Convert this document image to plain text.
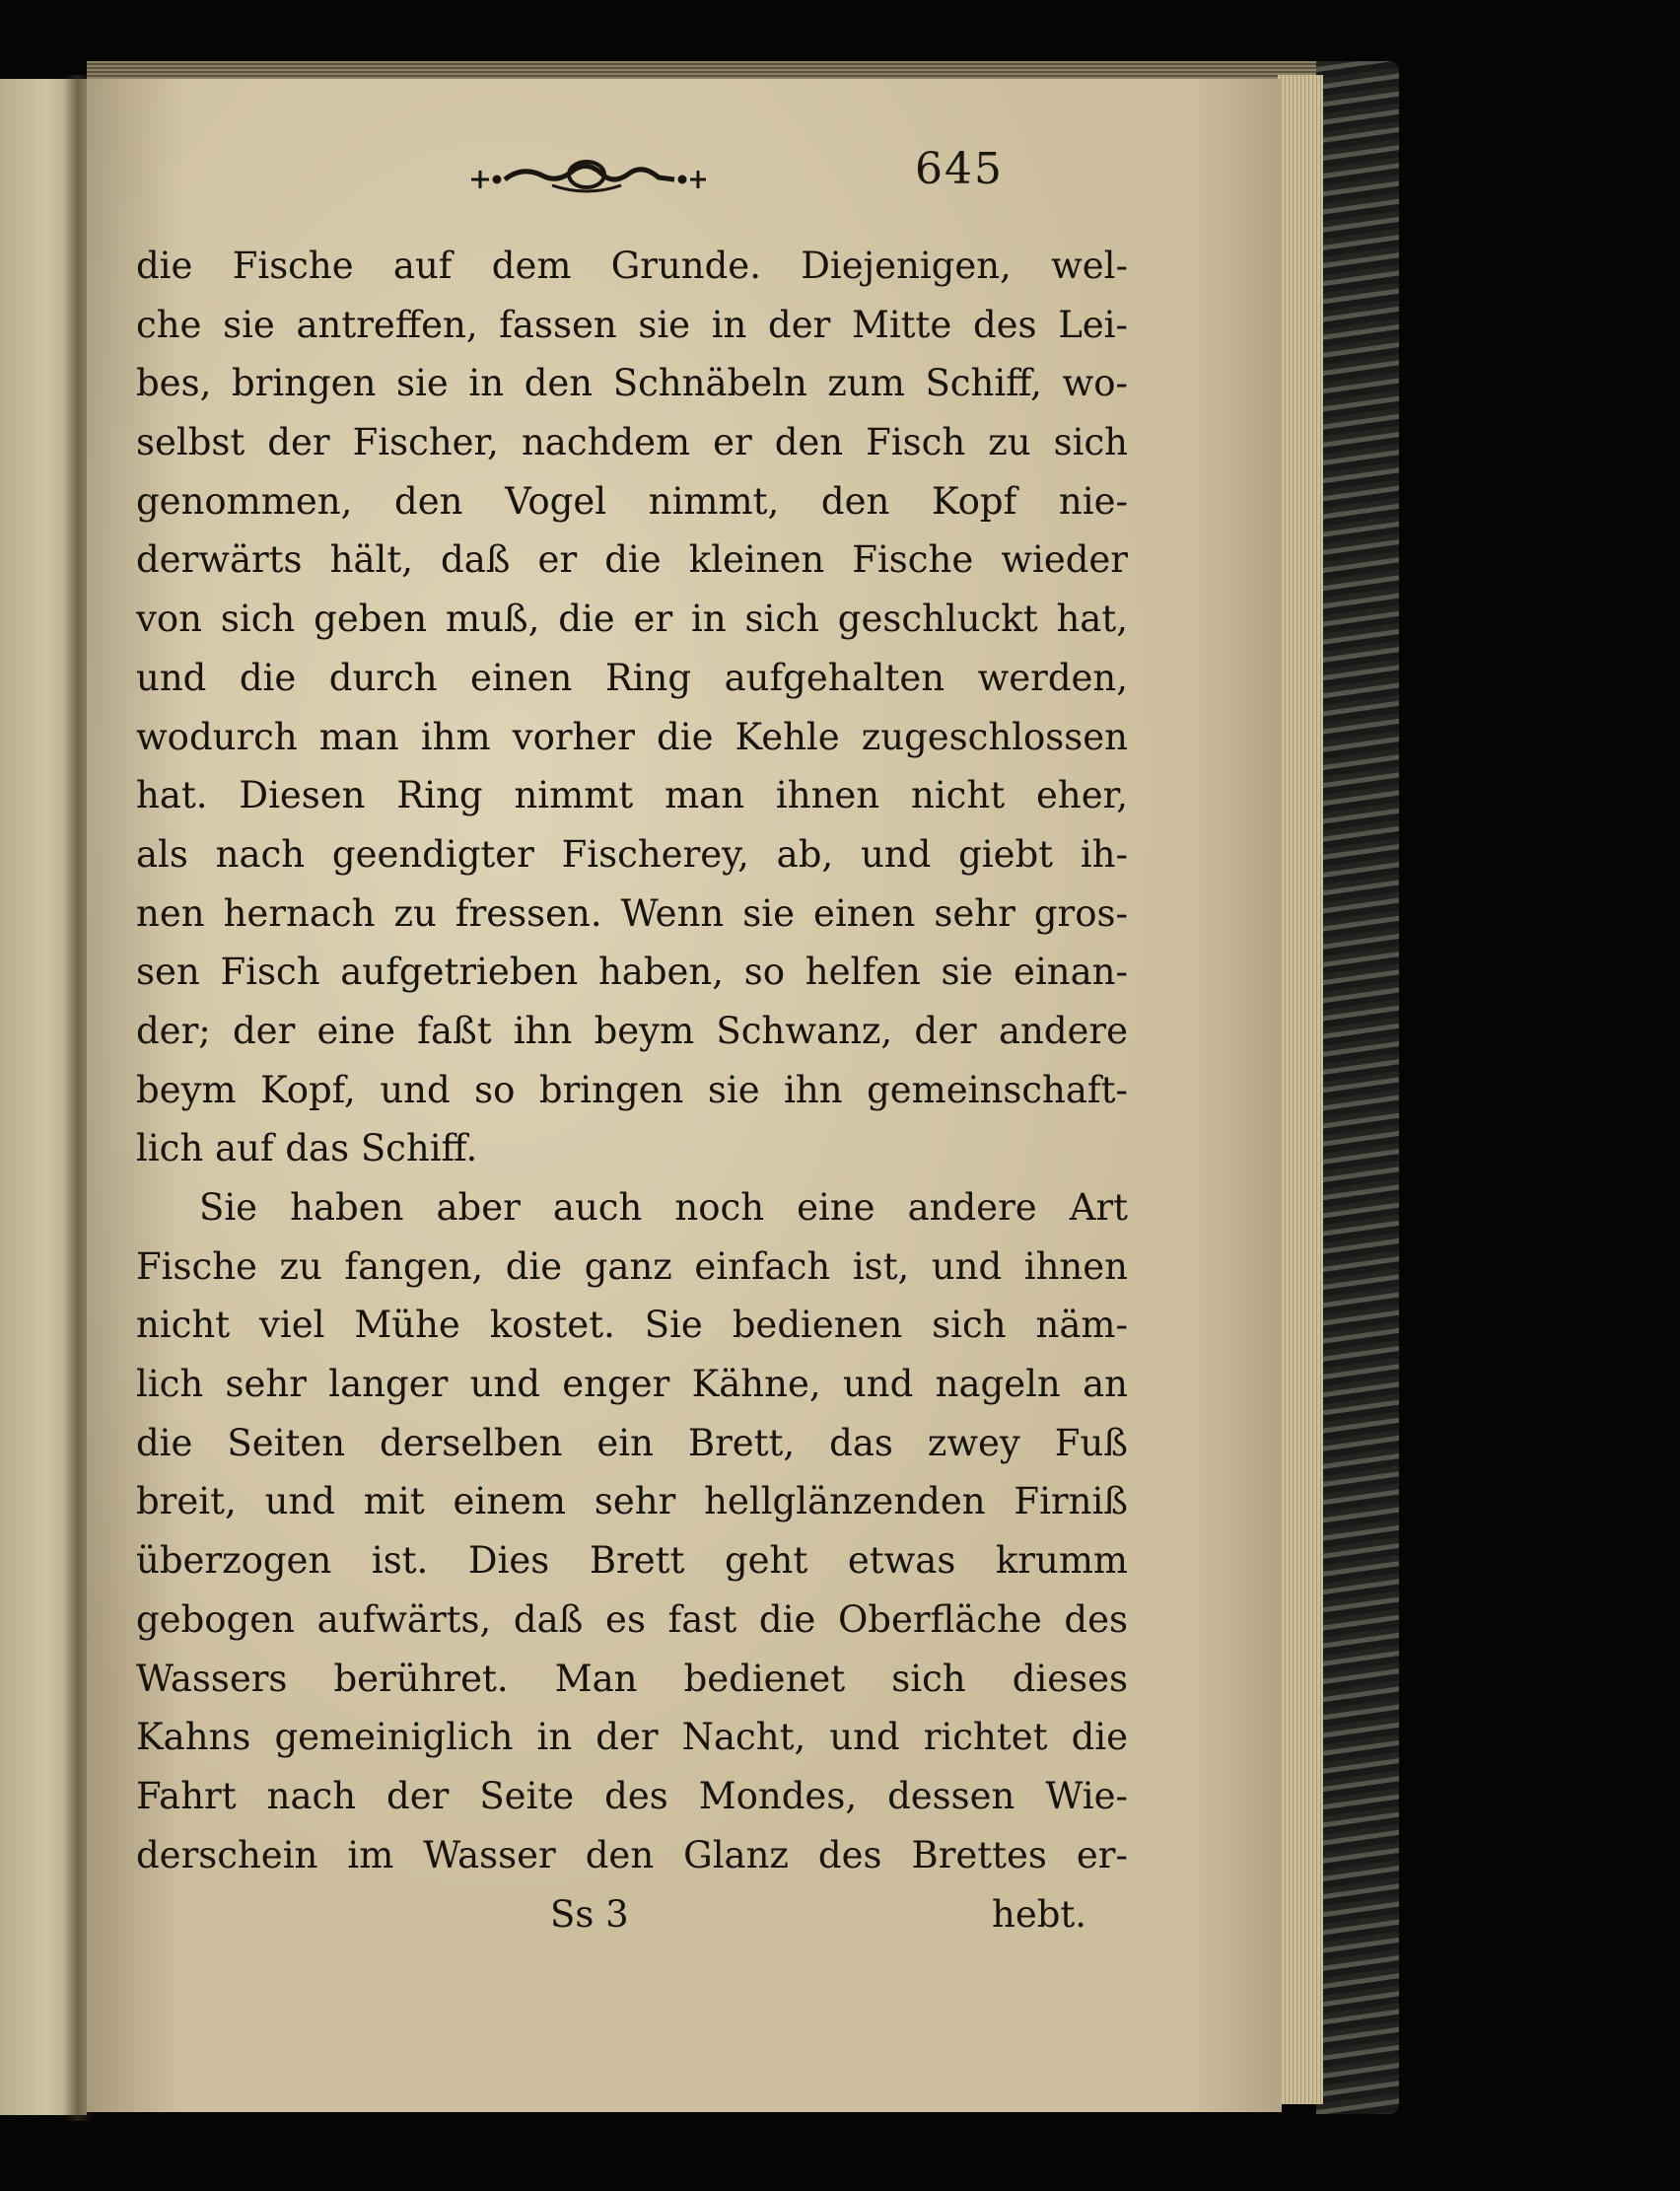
645
die Fische auf dem Grunde. Diejenigen, wel-
che sie antreffen, fassen sie in der Mitte des Lei-
bes, bringen sie in den Schnäbeln zum Schiff, wo-
selbst der Fischer, nachdem er den Fisch zu sich
genommen, den Vogel nimmt, den Kopf nie-
derwärts hält, daß er die kleinen Fische wieder
von sich geben muß, die er in sich geschluckt hat,
und die durch einen Ring aufgehalten werden,
wodurch man ihm vorher die Kehle zugeschlossen
hat. Diesen Ring nimmt man ihnen nicht eher,
als nach geendigter Fischerey, ab, und giebt ih-
nen hernach zu fressen. Wenn sie einen sehr gros-
sen Fisch aufgetrieben haben, so helfen sie einan-
der; der eine faßt ihn beym Schwanz, der andere
beym Kopf, und so bringen sie ihn gemeinschaft-
lich auf das Schiff.
Sie haben aber auch noch eine andere Art
Fische zu fangen, die ganz einfach ist, und ihnen
nicht viel Mühe kostet. Sie bedienen sich näm-
lich sehr langer und enger Kähne, und nageln an
die Seiten derselben ein Brett, das zwey Fuß
breit, und mit einem sehr hellglänzenden Firniß
überzogen ist. Dies Brett geht etwas krumm
gebogen aufwärts, daß es fast die Oberfläche des
Wassers berühret. Man bedienet sich dieses
Kahns gemeiniglich in der Nacht, und richtet die
Fahrt nach der Seite des Mondes, dessen Wie-
derschein im Wasser den Glanz des Brettes er-
Ss 3	hebt.
